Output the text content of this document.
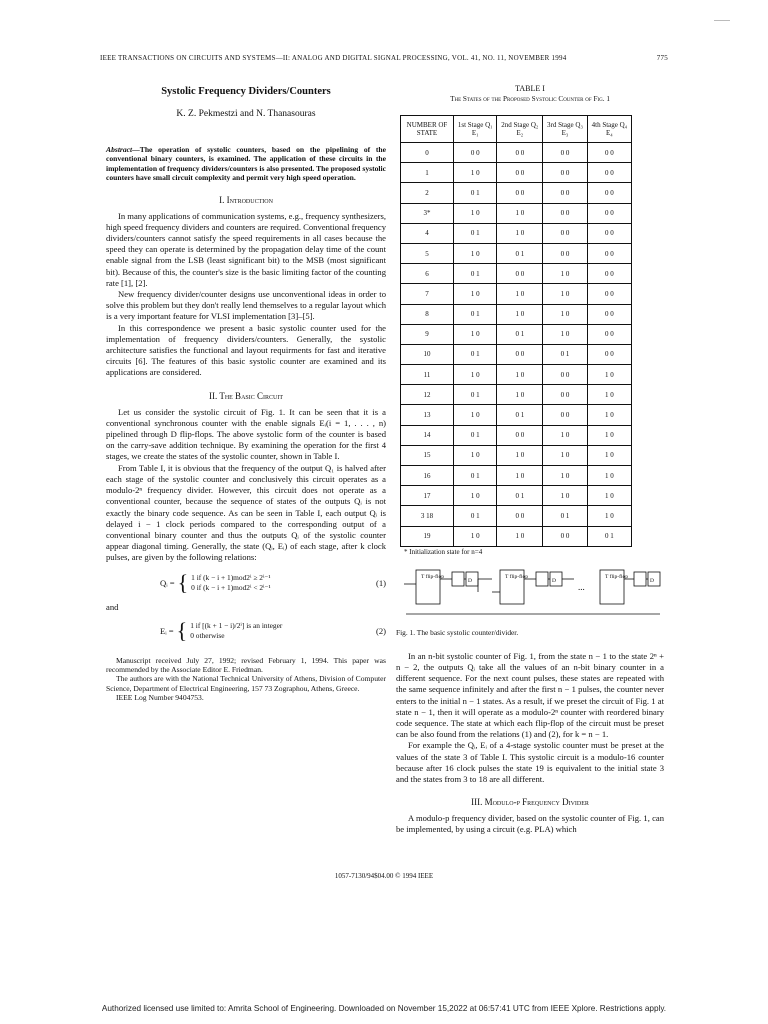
IEEE TRANSACTIONS ON CIRCUITS AND SYSTEMS—II: ANALOG AND DIGITAL SIGNAL PROCESSING, VOL. 41, NO. 11, NOVEMBER 1994	775
Systolic Frequency Dividers/Counters
K. Z. Pekmestzi and N. Thanasouras
Abstract—The operation of systolic counters, based on the pipelining of the conventional binary counters, is examined. The application of these circuits in the implementation of frequency dividers/counters is also presented. The proposed systolic counters have small circuit complexity and permit very high speed operation.
I. Introduction

In many applications of communication systems, e.g., frequency synthesizers, high speed frequency dividers and counters are required. Conventional frequency dividers/counters cannot satisfy the speed requirements in all cases because the speed they can operate is determined by the propagation delay time of the count enable signal from the LSB (least significant bit) to the MSB (most significant bit). Because of this, the counter's size is the basic limiting factor of the counting rate [1], [2].

New frequency divider/counter designs use unconventional ideas in order to solve this problem but they don't really lend themselves to a regular layout which is a very important feature for VLSI implementation [3]–[5].

In this correspondence we present a basic systolic counter used for the implementation of frequency dividers/counters. Generally, the systolic architecture satisfies the functional and layout requirments for fast and iterative circuits [6]. The features of this basic systolic counter are examined and its applications are considered.

II. The Basic Circuit

Let us consider the systolic circuit of Fig. 1. It can be seen that it is a conventional synchronous counter with the enable signals Eᵢ(i = 1, . . . , n) pipelined through D flip-flops. The above systolic form of the counter is based on the carry-save addition technique. By examining the operation for the first 4 stages, we create the states of the systolic counter, shown in Table I.

From Table I, it is obvious that the frequency of the output Q₁ is halved after each stage of the systolic counter and conclusively this circuit operates as a modulo-2ⁿ frequency divider. However, this circuit does not operate as a conventional counter, because the sequence of states of the outputs Qᵢ is not exactly the binary code sequence. As can be seen in Table I, each output Qᵢ is delayed i − 1 clock periods compared to the corresponding output of a conventional binary counter and thus the outputs Qᵢ of the systolic counter appear diagonal timing. Generally, the state (Qᵢ, Eᵢ) of each stage, after k clock pulses, are given by the following relations:

Qᵢ = { 1 if (k − i + 1)mod2ⁱ ≥ 2ⁱ⁻¹
0 if (k − i + 1)mod2ⁱ < 2ⁱ⁻¹	(1)
and
Eᵢ = { 1 if [(k + 1 − i)/2ⁱ] is an integer
0 otherwise	(2)

Manuscript received July 27, 1992; revised February 1, 1994. This paper was recommended by the Associate Editor E. Friedman.

The authors are with the National Technical University of Athens, Division of Computer Science, Department of Electrical Engineering, 157 73 Zographou, Athens, Greece.

IEEE Log Number 9404753.

TABLE I
The States of the Proposed Systolic Counter of Fig. 1
NUMBER OF STATE	1st Stage Q₁ E₁	2nd Stage Q₂ E₂	3rd Stage Q₃ E₃	4th Stage Q₄ E₄
0	0 0	0 0	0 0	0 0
1	1 0	0 0	0 0	0 0
2	0 1	0 0	0 0	0 0
3*	1 0	1 0	0 0	0 0
4	0 1	1 0	0 0	0 0
5	1 0	0 1	0 0	0 0
6	0 1	0 0	1 0	0 0
7	1 0	1 0	1 0	0 0
8	0 1	1 0	1 0	0 0
9	1 0	0 1	1 0	0 0
10	0 1	0 0	0 1	0 0
11	1 0	1 0	0 0	1 0
12	0 1	1 0	0 0	1 0
13	1 0	0 1	0 0	1 0
14	0 1	0 0	1 0	1 0
15	1 0	1 0	1 0	1 0
16	0 1	1 0	1 0	1 0
17	1 0	0 1	1 0	1 0
3 18	0 1	0 0	0 1	1 0
19	1 0	1 0	0 0	0 1
* Initialization state for n=4
T flip-flop	T flip-flop	T flip-flop
D	D	D
...
Fig. 1. The basic systolic counter/divider.

In an n-bit systolic counter of Fig. 1, from the state n − 1 to the state 2ⁿ + n − 2, the outputs Qᵢ take all the values of an n-bit binary counter in a different sequence. For the next count pulses, these states are repeated with the same sequence infinitely and after the first n − 1 pulses, the counter never enters to the initial n − 1 states. As a result, if we preset the circuit of Fig. 1 at state n − 1, then it will operate as a modulo-2ⁿ counter with reordered binary code sequence. The state at which each flip-flop of the circuit must be preset can be also found from the relations (1) and (2), for k = n − 1.

For example the Qᵢ, Eᵢ of a 4-stage systolic counter must be preset at the values of the state 3 of Table I. This systolic circuit is a modulo-16 counter because after 16 clock pulses the state 19 is equivalent to the initial state 3 and the states from 3 to 18 are all different.

III. Modulo-p Frequency Divider

A modulo-p frequency divider, based on the systolic counter of Fig. 1, can be implemented, by using a circuit (e.g. PLA) which

1057-7130/94$04.00 © 1994 IEEE
Authorized licensed use limited to: Amrita School of Engineering. Downloaded on November 15,2022 at 06:57:41 UTC from IEEE Xplore. Restrictions apply.
